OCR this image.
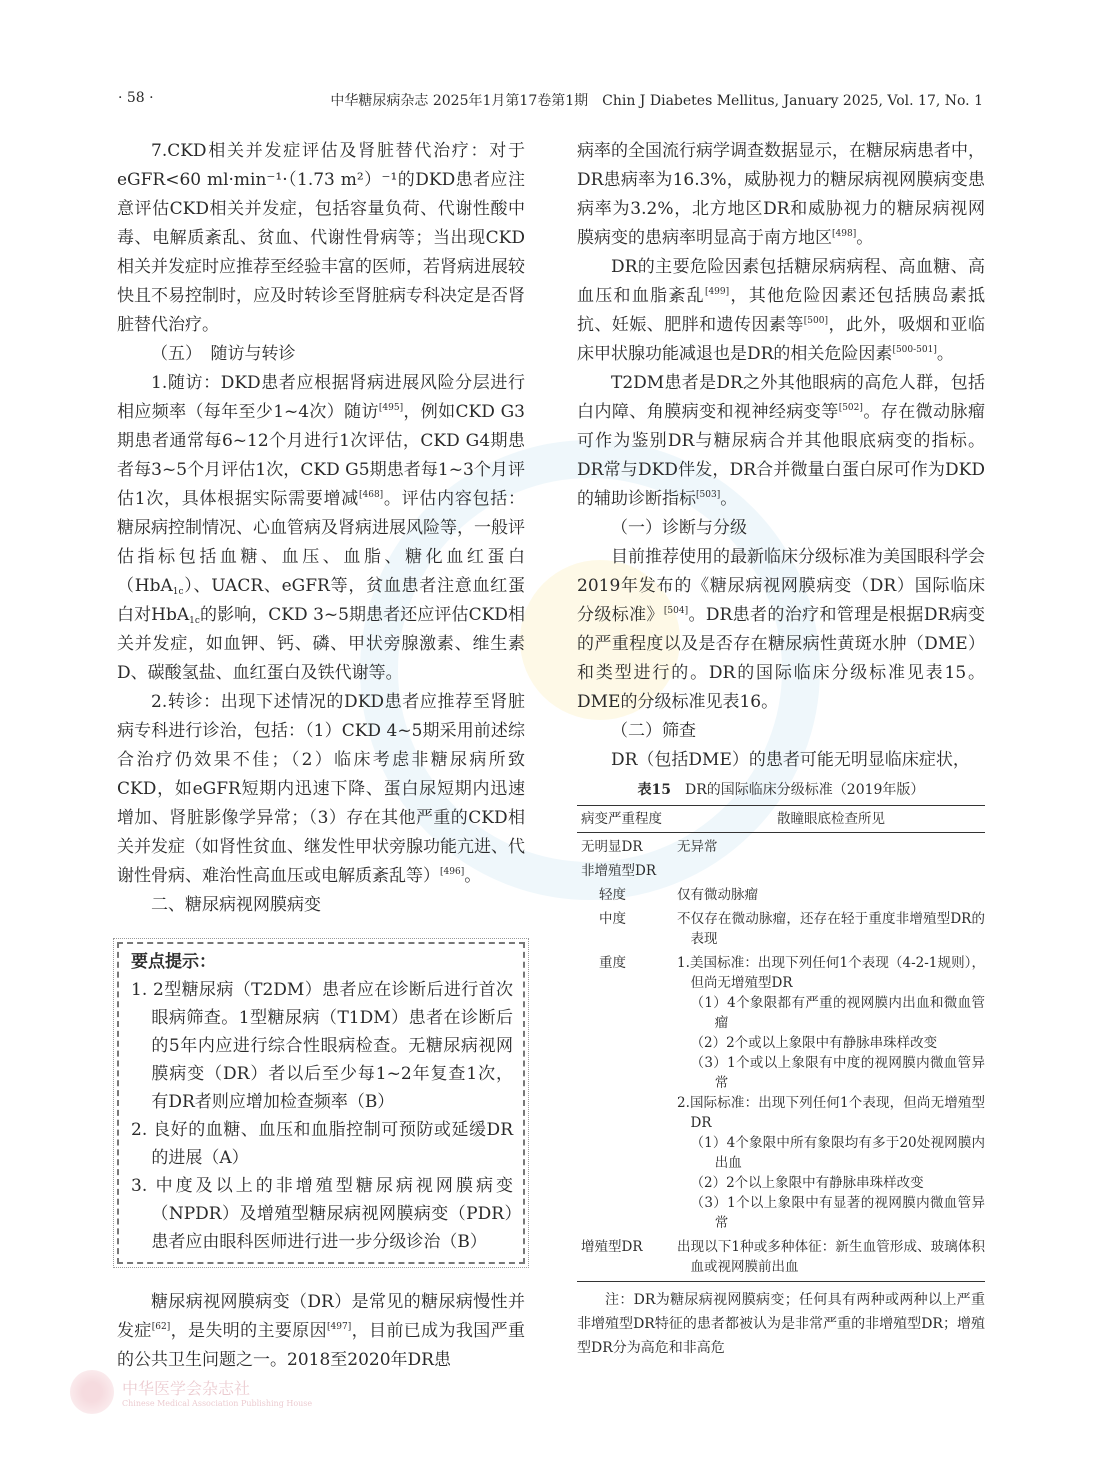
· 58 ·	中华糖尿病杂志 2025年1月第17卷第1期　Chin J Diabetes Mellitus, January 2025, Vol. 17, No. 1

7.CKD相关并发症评估及肾脏替代治疗：对于eGFR<60 ml·min⁻¹·（1.73 m²）⁻¹的DKD患者应注意评估CKD相关并发症，包括容量负荷、代谢性酸中毒、电解质紊乱、贫血、代谢性骨病等；当出现CKD相关并发症时应推荐至经验丰富的医师，若肾病进展较快且不易控制时，应及时转诊至肾脏病专科决定是否肾脏替代治疗。

（五）　随访与转诊

1.随访：DKD患者应根据肾病进展风险分层进行相应频率（每年至少1~4次）随访[495]，例如CKD G3期患者通常每6~12个月进行1次评估，CKD G4期患者每3~5个月评估1次，CKD G5期患者每1~3个月评估1次，具体根据实际需要增减[468]。评估内容包括：糖尿病控制情况、心血管病及肾病进展风险等，一般评估指标包括血糖、血压、血脂、糖化血红蛋白（HbA$_{1c}$）、UACR、eGFR等，贫血患者注意血红蛋白对HbA$_{1c}$的影响，CKD 3~5期患者还应评估CKD相关并发症，如血钾、钙、磷、甲状旁腺激素、维生素D、碳酸氢盐、血红蛋白及铁代谢等。

2.转诊：出现下述情况的DKD患者应推荐至肾脏病专科进行诊治，包括：（1）CKD 4~5期采用前述综合治疗仍效果不佳；（2）临床考虑非糖尿病所致CKD，如eGFR短期内迅速下降、蛋白尿短期内迅速增加、肾脏影像学异常；（3）存在其他严重的CKD相关并发症（如肾性贫血、继发性甲状旁腺功能亢进、代谢性骨病、难治性高血压或电解质紊乱等）[496]。

二、糖尿病视网膜病变

要点提示：
1. 2型糖尿病（T2DM）患者应在诊断后进行首次眼病筛查。1型糖尿病（T1DM）患者在诊断后的5年内应进行综合性眼病检查。无糖尿病视网膜病变（DR）者以后至少每1~2年复查1次，有DR者则应增加检查频率（B）
2. 良好的血糖、血压和血脂控制可预防或延缓DR的进展（A）
3. 中度及以上的非增殖型糖尿病视网膜病变（NPDR）及增殖型糖尿病视网膜病变（PDR）患者应由眼科医师进行进一步分级诊治（B）

糖尿病视网膜病变（DR）是常见的糖尿病慢性并发症[62]，是失明的主要原因[497]，目前已成为我国严重的公共卫生问题之一。2018至2020年DR患

病率的全国流行病学调查数据显示，在糖尿病患者中，DR患病率为16.3%，威胁视力的糖尿病视网膜病变患病率为3.2%，北方地区DR和威胁视力的糖尿病视网膜病变的患病率明显高于南方地区[498]。

DR的主要危险因素包括糖尿病病程、高血糖、高血压和血脂紊乱[499]，其他危险因素还包括胰岛素抵抗、妊娠、肥胖和遗传因素等[500]，此外，吸烟和亚临床甲状腺功能减退也是DR的相关危险因素[500-501]。

T2DM患者是DR之外其他眼病的高危人群，包括白内障、角膜病变和视神经病变等[502]。存在微动脉瘤可作为鉴别DR与糖尿病合并其他眼底病变的指标。DR常与DKD伴发，DR合并微量白蛋白尿可作为DKD的辅助诊断指标[503]。

（一）诊断与分级

目前推荐使用的最新临床分级标准为美国眼科学会2019年发布的《糖尿病视网膜病变（DR）国际临床分级标准》[504]。DR患者的治疗和管理是根据DR病变的严重程度以及是否存在糖尿病性黄斑水肿（DME）和类型进行的。DR的国际临床分级标准见表15。DME的分级标准见表16。

（二）筛查

DR（包括DME）的患者可能无明显临床症状，

表15 DR的国际临床分级标准（2019年版）
病变严重程度	散瞳眼底检查所见
无明显DR	无异常
非增殖型DR
轻度	仅有微动脉瘤
中度	不仅存在微动脉瘤，还存在轻于重度非增殖型DR的表现
重度	1.美国标准：出现下列任何1个表现（4-2-1规则），但尚无增殖型DR
（1）4个象限都有严重的视网膜内出血和微血管瘤
（2）2个或以上象限中有静脉串珠样改变
（3）1个或以上象限有中度的视网膜内微血管异常
2.国际标准：出现下列任何1个表现，但尚无增殖型DR
（1）4个象限中所有象限均有多于20处视网膜内出血
（2）2个以上象限中有静脉串珠样改变
（3）1个以上象限中有显著的视网膜内微血管异常
增殖型DR	出现以下1种或多种体征：新生血管形成、玻璃体积血或视网膜前出血
注：DR为糖尿病视网膜病变；任何具有两种或两种以上严重非增殖型DR特征的患者都被认为是非常严重的非增殖型DR；增殖型DR分为高危和非高危
中华医学会杂志社
Chinese Medical Association Publishing House
